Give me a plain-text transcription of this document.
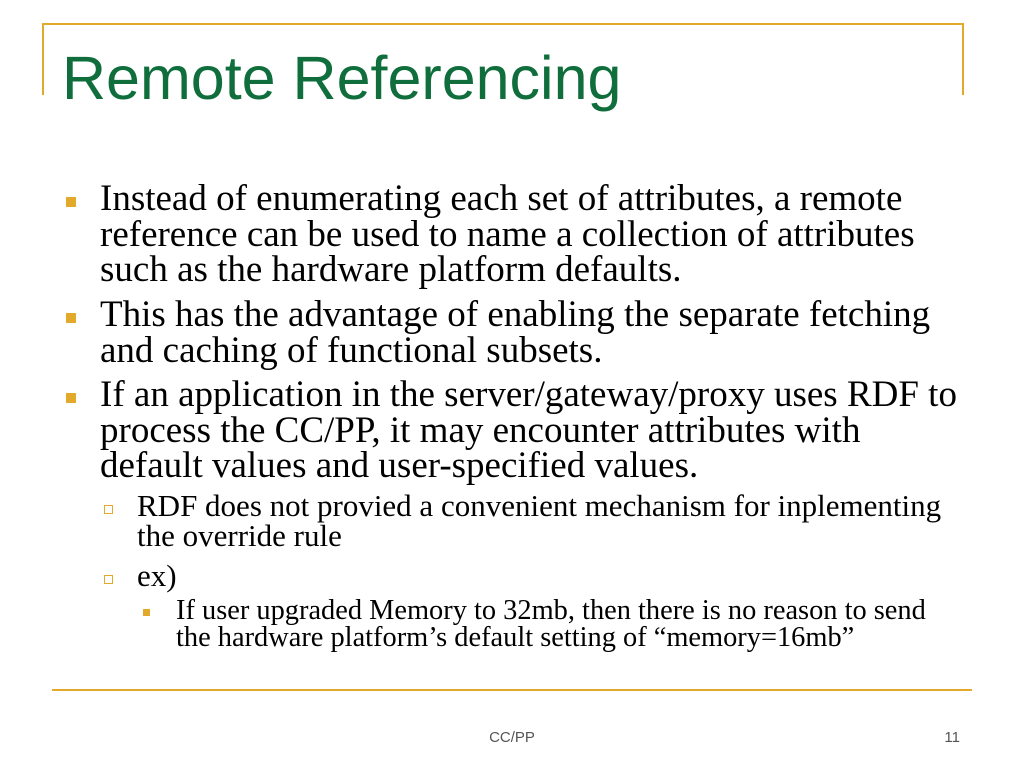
Remote Referencing
Instead of enumerating each set of attributes, a remote
reference can be used to name a collection of attributes
such as the hardware platform defaults.
This has the advantage of enabling the separate fetching
and caching of functional subsets.
If an application in the server/gateway/proxy uses RDF to
process the CC/PP, it may encounter attributes with
default values and user-specified values.
RDF does not provied a convenient mechanism for inplementing
the override rule
ex)
If user upgraded Memory to 32mb, then there is no reason to send
the hardware platform’s default setting of “memory=16mb”
CC/PP	11
